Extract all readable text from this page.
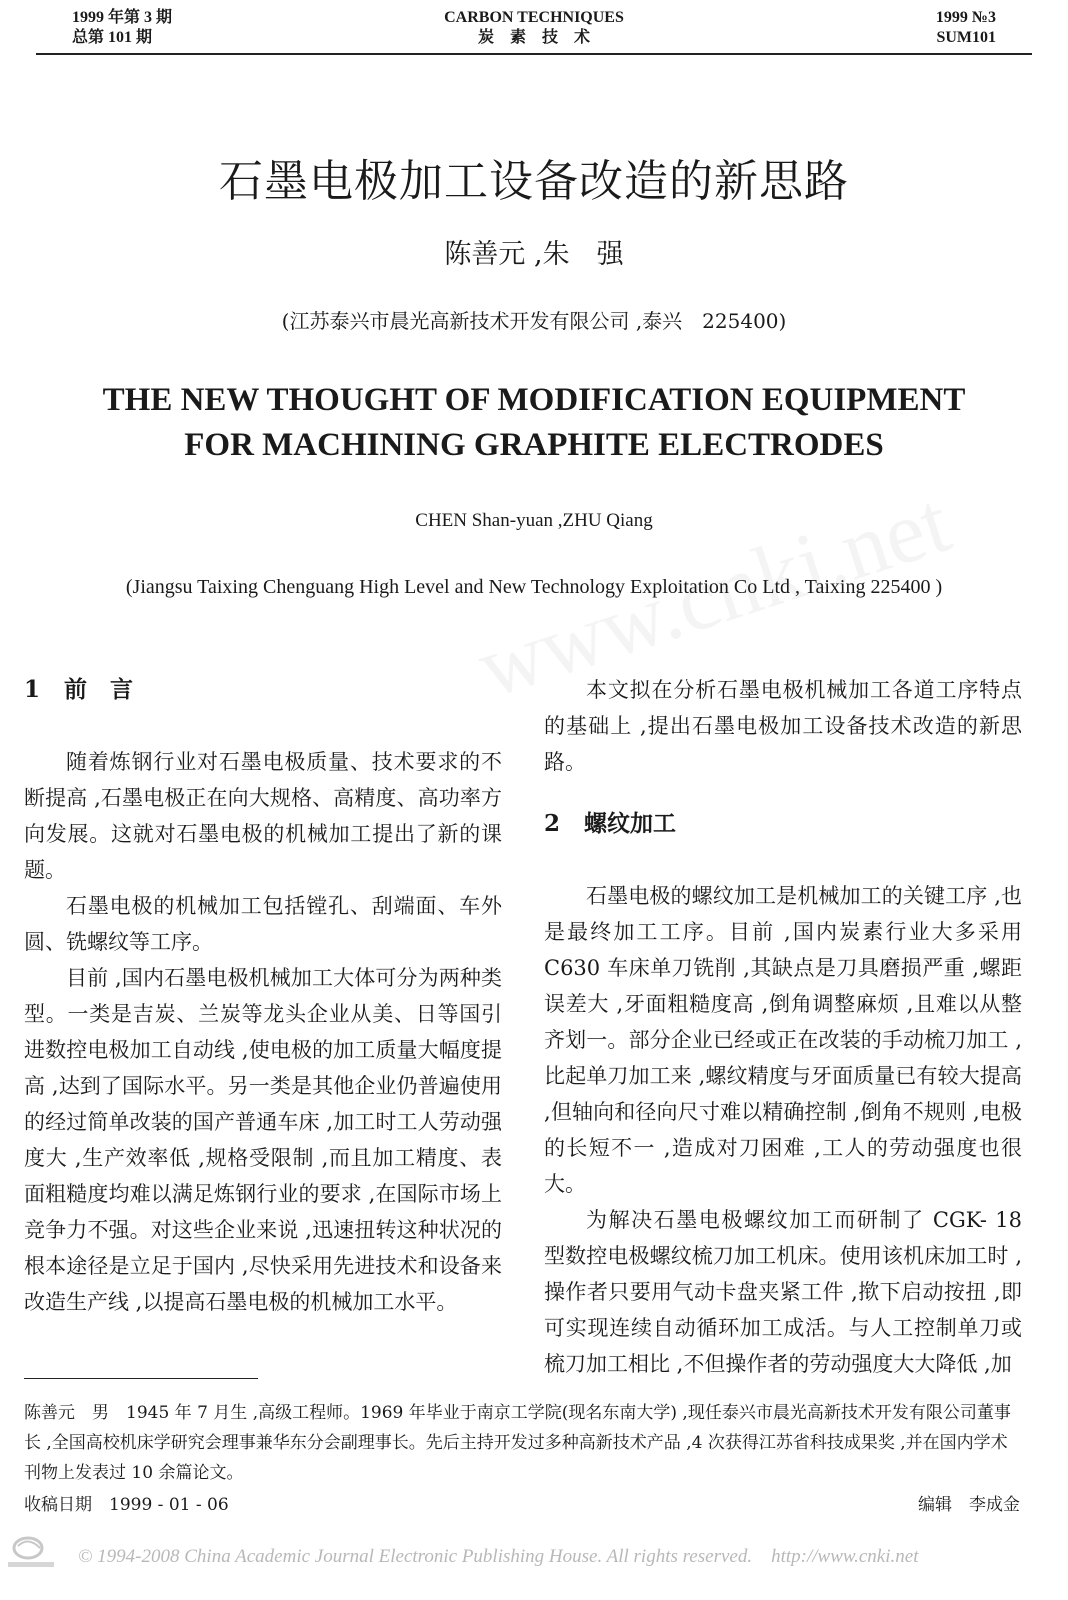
1999 年第 3 期
总第 101 期
CARBON TECHNIQUES
炭　素　技　术
1999 №3
SUM101
石墨电极加工设备改造的新思路
陈善元 ,朱　强
(江苏泰兴市晨光高新技术开发有限公司 ,泰兴　225400)
THE NEW THOUGHT OF MODIFICATION EQUIPMENT
FOR MACHINING GRAPHITE ELECTRODES
CHEN Shan-yuan ,ZHU Qiang
(Jiangsu Taixing Chenguang High Level and New Technology Exploitation Co Ltd , Taixing 225400 )
1 前　言

随着炼钢行业对石墨电极质量、技术要求的不断提高 ,石墨电极正在向大规格、高精度、高功率方向发展。这就对石墨电极的机械加工提出了新的课题。

石墨电极的机械加工包括镗孔、刮端面、车外圆、铣螺纹等工序。

目前 ,国内石墨电极机械加工大体可分为两种类型。一类是吉炭、兰炭等龙头企业从美、日等国引进数控电极加工自动线 ,使电极的加工质量大幅度提高 ,达到了国际水平。另一类是其他企业仍普遍使用的经过简单改装的国产普通车床 ,加工时工人劳动强度大 ,生产效率低 ,规格受限制 ,而且加工精度、表面粗糙度均难以满足炼钢行业的要求 ,在国际市场上竞争力不强。对这些企业来说 ,迅速扭转这种状况的根本途径是立足于国内 ,尽快采用先进技术和设备来改造生产线 ,以提高石墨电极的机械加工水平。

本文拟在分析石墨电极机械加工各道工序特点的基础上 ,提出石墨电极加工设备技术改造的新思路。

2 螺纹加工

石墨电极的螺纹加工是机械加工的关键工序 ,也是最终加工工序。目前 ,国内炭素行业大多采用 C630 车床单刀铣削 ,其缺点是刀具磨损严重 ,螺距误差大 ,牙面粗糙度高 ,倒角调整麻烦 ,且难以从整齐划一。部分企业已经或正在改装的手动梳刀加工 ,比起单刀加工来 ,螺纹精度与牙面质量已有较大提高 ,但轴向和径向尺寸难以精确控制 ,倒角不规则 ,电极的长短不一 ,造成对刀困难 ,工人的劳动强度也很大。

为解决石墨电极螺纹加工而研制了 CGK- 18 型数控电极螺纹梳刀加工机床。使用该机床加工时 ,操作者只要用气动卡盘夹紧工件 ,揿下启动按扭 ,即可实现连续自动循环加工成活。与人工控制单刀或梳刀加工相比 ,不但操作者的劳动强度大大降低 ,加

陈善元　男　1945 年 7 月生 ,高级工程师。1969 年毕业于南京工学院(现名东南大学) ,现任泰兴市晨光高新技术开发有限公司董事长 ,全国高校机床学研究会理事兼华东分会副理事长。先后主持开发过多种高新技术产品 ,4 次获得江苏省科技成果奖 ,并在国内学术刊物上发表过 10 余篇论文。

收稿日期　1999 - 01 - 06	编辑　李成金
© 1994-2008 China Academic Journal Electronic Publishing House. All rights reserved.　http://www.cnki.net
